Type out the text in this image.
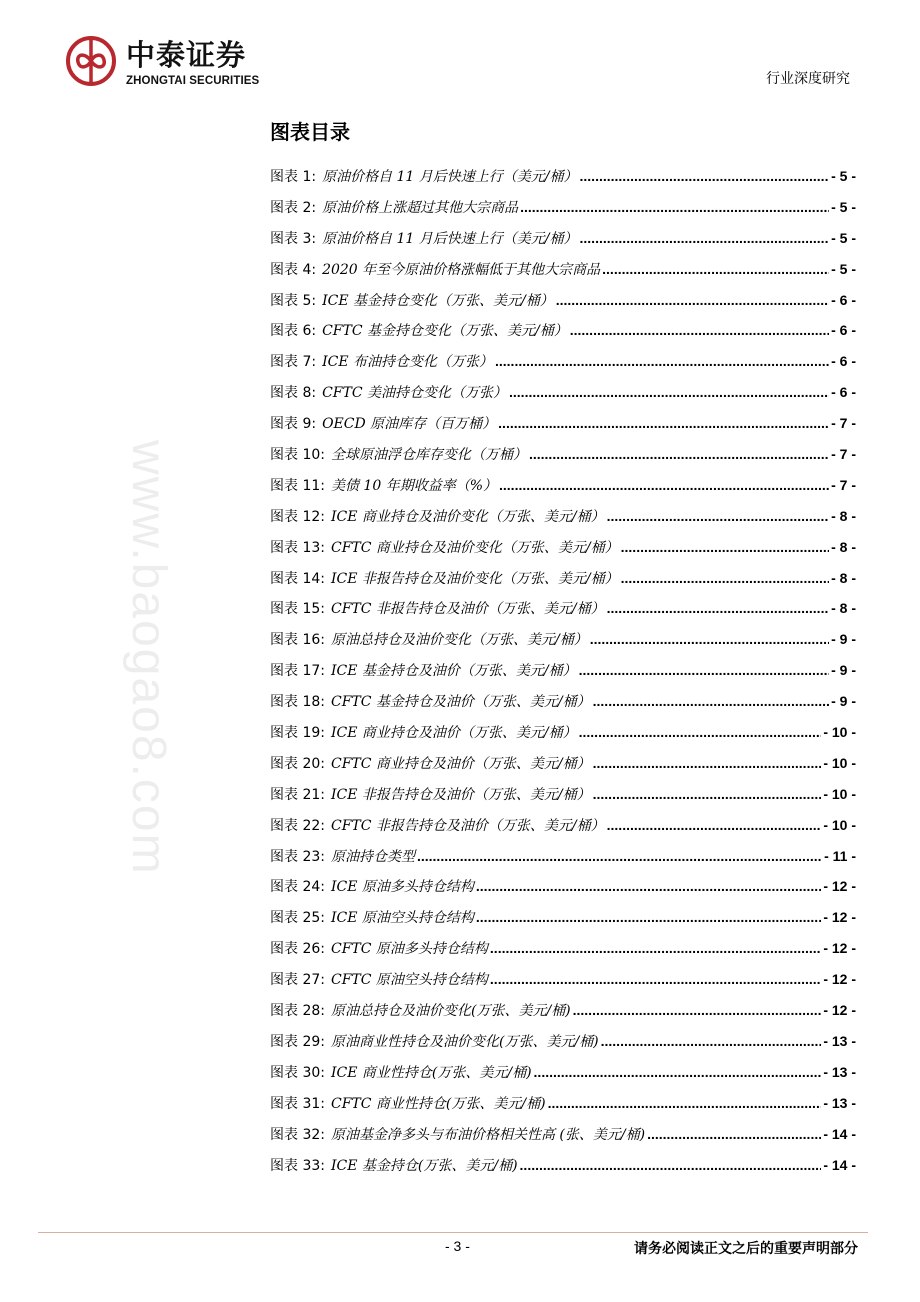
中泰证券
ZHONGTAI SECURITIES	行业深度研究
图表目录
www.baogao8.com
图表 1: 原油价格自 11 月后快速上行（美元/桶） .....	- 5 -
图表 2: 原油价格上涨超过其他大宗商品 .....	- 5 -
图表 3: 原油价格自 11 月后快速上行（美元/桶） .....	- 5 -
图表 4: 2020 年至今原油价格涨幅低于其他大宗商品 .....	- 5 -
图表 5: ICE 基金持仓变化（万张、美元/桶） .....	- 6 -
图表 6: CFTC 基金持仓变化（万张、美元/桶） .....	- 6 -
图表 7: ICE 布油持仓变化（万张） .....	- 6 -
图表 8: CFTC 美油持仓变化（万张） .....	- 6 -
图表 9: OECD 原油库存（百万桶） .....	- 7 -
图表 10: 全球原油浮仓库存变化（万桶） .....	- 7 -
图表 11: 美债 10 年期收益率（%） .....	- 7 -
图表 12: ICE 商业持仓及油价变化（万张、美元/桶） .....	- 8 -
图表 13: CFTC 商业持仓及油价变化（万张、美元/桶） .....	- 8 -
图表 14: ICE 非报告持仓及油价变化（万张、美元/桶） .....	- 8 -
图表 15: CFTC 非报告持仓及油价（万张、美元/桶） .....	- 8 -
图表 16: 原油总持仓及油价变化（万张、美元/桶） .....	- 9 -
图表 17: ICE 基金持仓及油价（万张、美元/桶） .....	- 9 -
图表 18: CFTC 基金持仓及油价（万张、美元/桶） .....	- 9 -
图表 19: ICE 商业持仓及油价（万张、美元/桶） .....	- 10 -
图表 20: CFTC 商业持仓及油价（万张、美元/桶） .....	- 10 -
图表 21: ICE 非报告持仓及油价（万张、美元/桶） .....	- 10 -
图表 22: CFTC 非报告持仓及油价（万张、美元/桶） .....	- 10 -
图表 23: 原油持仓类型 .....	- 11 -
图表 24: ICE 原油多头持仓结构 .....	- 12 -
图表 25: ICE 原油空头持仓结构 .....	- 12 -
图表 26: CFTC 原油多头持仓结构 .....	- 12 -
图表 27: CFTC 原油空头持仓结构 .....	- 12 -
图表 28: 原油总持仓及油价变化(万张、美元/桶) .....	- 12 -
图表 29: 原油商业性持仓及油价变化(万张、美元/桶) .....	- 13 -
图表 30: ICE 商业性持仓(万张、美元/桶) .....	- 13 -
图表 31: CFTC 商业性持仓(万张、美元/桶) .....	- 13 -
图表 32: 原油基金净多头与布油价格相关性高 (张、美元/桶) .....	- 14 -
图表 33: ICE 基金持仓(万张、美元/桶) .....	- 14 -
- 3 -	请务必阅读正文之后的重要声明部分
